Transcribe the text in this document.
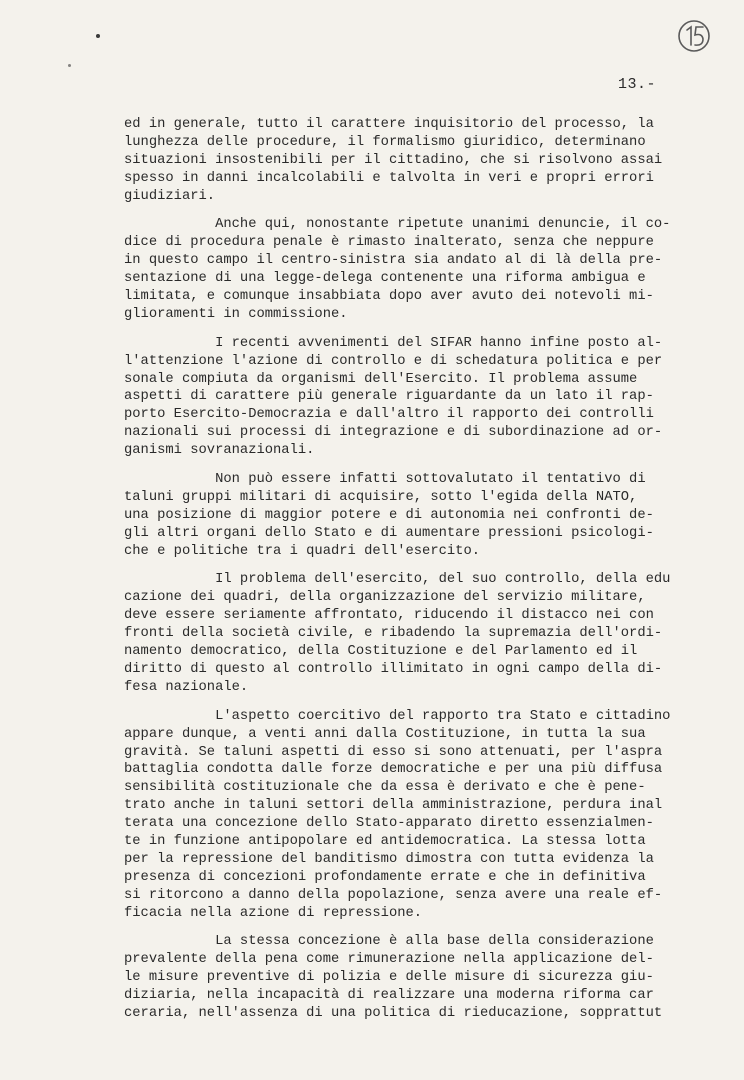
13.-
ed in generale, tutto il carattere inquisitorio del processo, la
lunghezza delle procedure, il formalismo giuridico, determinano
situazioni insostenibili per il cittadino, che si risolvono assai
spesso in danni incalcolabili e talvolta in veri e propri errori
giudiziari.
Anche qui, nonostante ripetute unanimi denuncie, il co-
dice di procedura penale è rimasto inalterato, senza che neppure
in questo campo il centro-sinistra sia andato al di là della pre-
sentazione di una legge-delega contenente una riforma ambigua e
limitata, e comunque insabbiata dopo aver avuto dei notevoli mi-
glioramenti in commissione.
I recenti avvenimenti del SIFAR hanno infine posto al-
l'attenzione l'azione di controllo e di schedatura politica e per
sonale compiuta da organismi dell'Esercito. Il problema assume
aspetti di carattere più generale riguardante da un lato il rap-
porto Esercito-Democrazia e dall'altro il rapporto dei controlli
nazionali sui processi di integrazione e di subordinazione ad or-
ganismi sovranazionali.
Non può essere infatti sottovalutato il tentativo di
taluni gruppi militari di acquisire, sotto l'egida della NATO,
una posizione di maggior potere e di autonomia nei confronti de-
gli altri organi dello Stato e di aumentare pressioni psicologi-
che e politiche tra i quadri dell'esercito.
Il problema dell'esercito, del suo controllo, della edu
cazione dei quadri, della organizzazione del servizio militare,
deve essere seriamente affrontato, riducendo il distacco nei con
fronti della società civile, e ribadendo la supremazia dell'ordi-
namento democratico, della Costituzione e del Parlamento ed il
diritto di questo al controllo illimitato in ogni campo della di-
fesa nazionale.
L'aspetto coercitivo del rapporto tra Stato e cittadino
appare dunque, a venti anni dalla Costituzione, in tutta la sua
gravità. Se taluni aspetti di esso si sono attenuati, per l'aspra
battaglia condotta dalle forze democratiche e per una più diffusa
sensibilità costituzionale che da essa è derivato e che è pene-
trato anche in taluni settori della amministrazione, perdura inal
terata una concezione dello Stato-apparato diretto essenzialmen-
te in funzione antipopolare ed antidemocratica. La stessa lotta
per la repressione del banditismo dimostra con tutta evidenza la
presenza di concezioni profondamente errate e che in definitiva
si ritorcono a danno della popolazione, senza avere una reale ef-
ficacia nella azione di repressione.
La stessa concezione è alla base della considerazione
prevalente della pena come rimunerazione nella applicazione del-
le misure preventive di polizia e delle misure di sicurezza giu-
diziaria, nella incapacità di realizzare una moderna riforma car
ceraria, nell'assenza di una politica di rieducazione, sopprattut
